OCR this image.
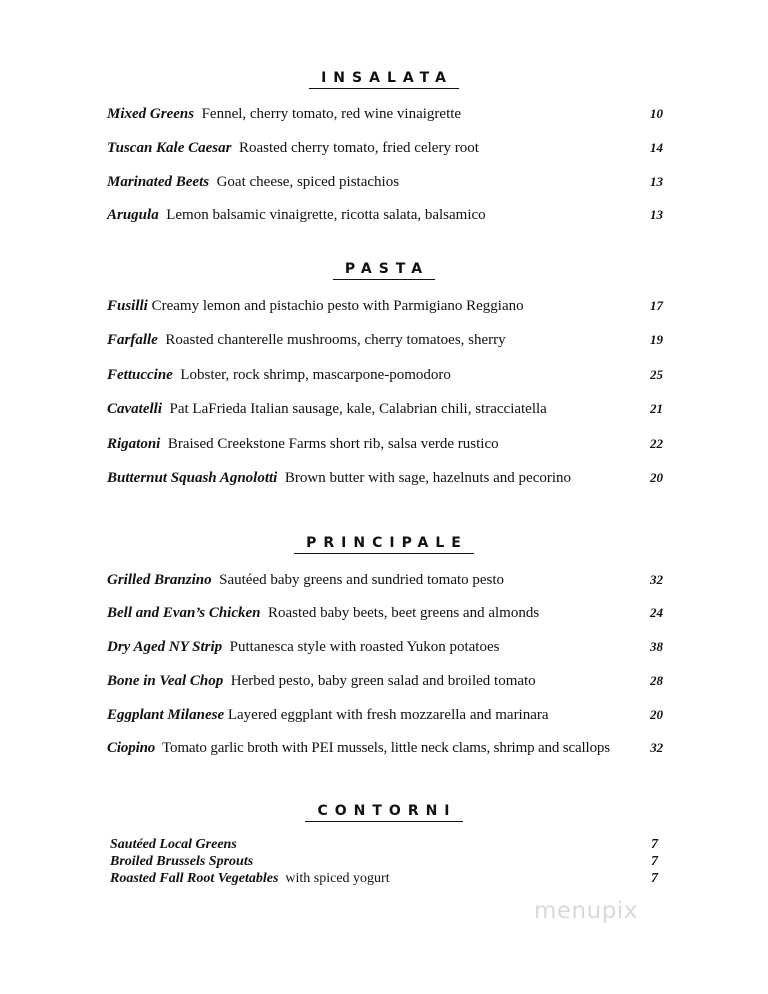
INSALATA
Mixed Greens Fennel, cherry tomato, red wine vinaigrette	10
Tuscan Kale Caesar Roasted cherry tomato, fried celery root	14
Marinated Beets Goat cheese, spiced pistachios	13
Arugula Lemon balsamic vinaigrette, ricotta salata, balsamico	13
PASTA
Fusilli Creamy lemon and pistachio pesto with Parmigiano Reggiano	17
Farfalle Roasted chanterelle mushrooms, cherry tomatoes, sherry	19
Fettuccine Lobster, rock shrimp, mascarpone-pomodoro	25
Cavatelli Pat LaFrieda Italian sausage, kale, Calabrian chili, stracciatella	21
Rigatoni Braised Creekstone Farms short rib, salsa verde rustico	22
Butternut Squash Agnolotti Brown butter with sage, hazelnuts and pecorino	20
PRINCIPALE
Grilled Branzino Sautéed baby greens and sundried tomato pesto	32
Bell and Evan’s Chicken Roasted baby beets, beet greens and almonds	24
Dry Aged NY Strip Puttanesca style with roasted Yukon potatoes	38
Bone in Veal Chop Herbed pesto, baby green salad and broiled tomato	28
Eggplant Milanese Layered eggplant with fresh mozzarella and marinara	20
Ciopino Tomato garlic broth with PEI mussels, little neck clams, shrimp and scallops	32
CONTORNI
Sautéed Local Greens	7
Broiled Brussels Sprouts	7
Roasted Fall Root Vegetables with spiced yogurt	7
menupix
